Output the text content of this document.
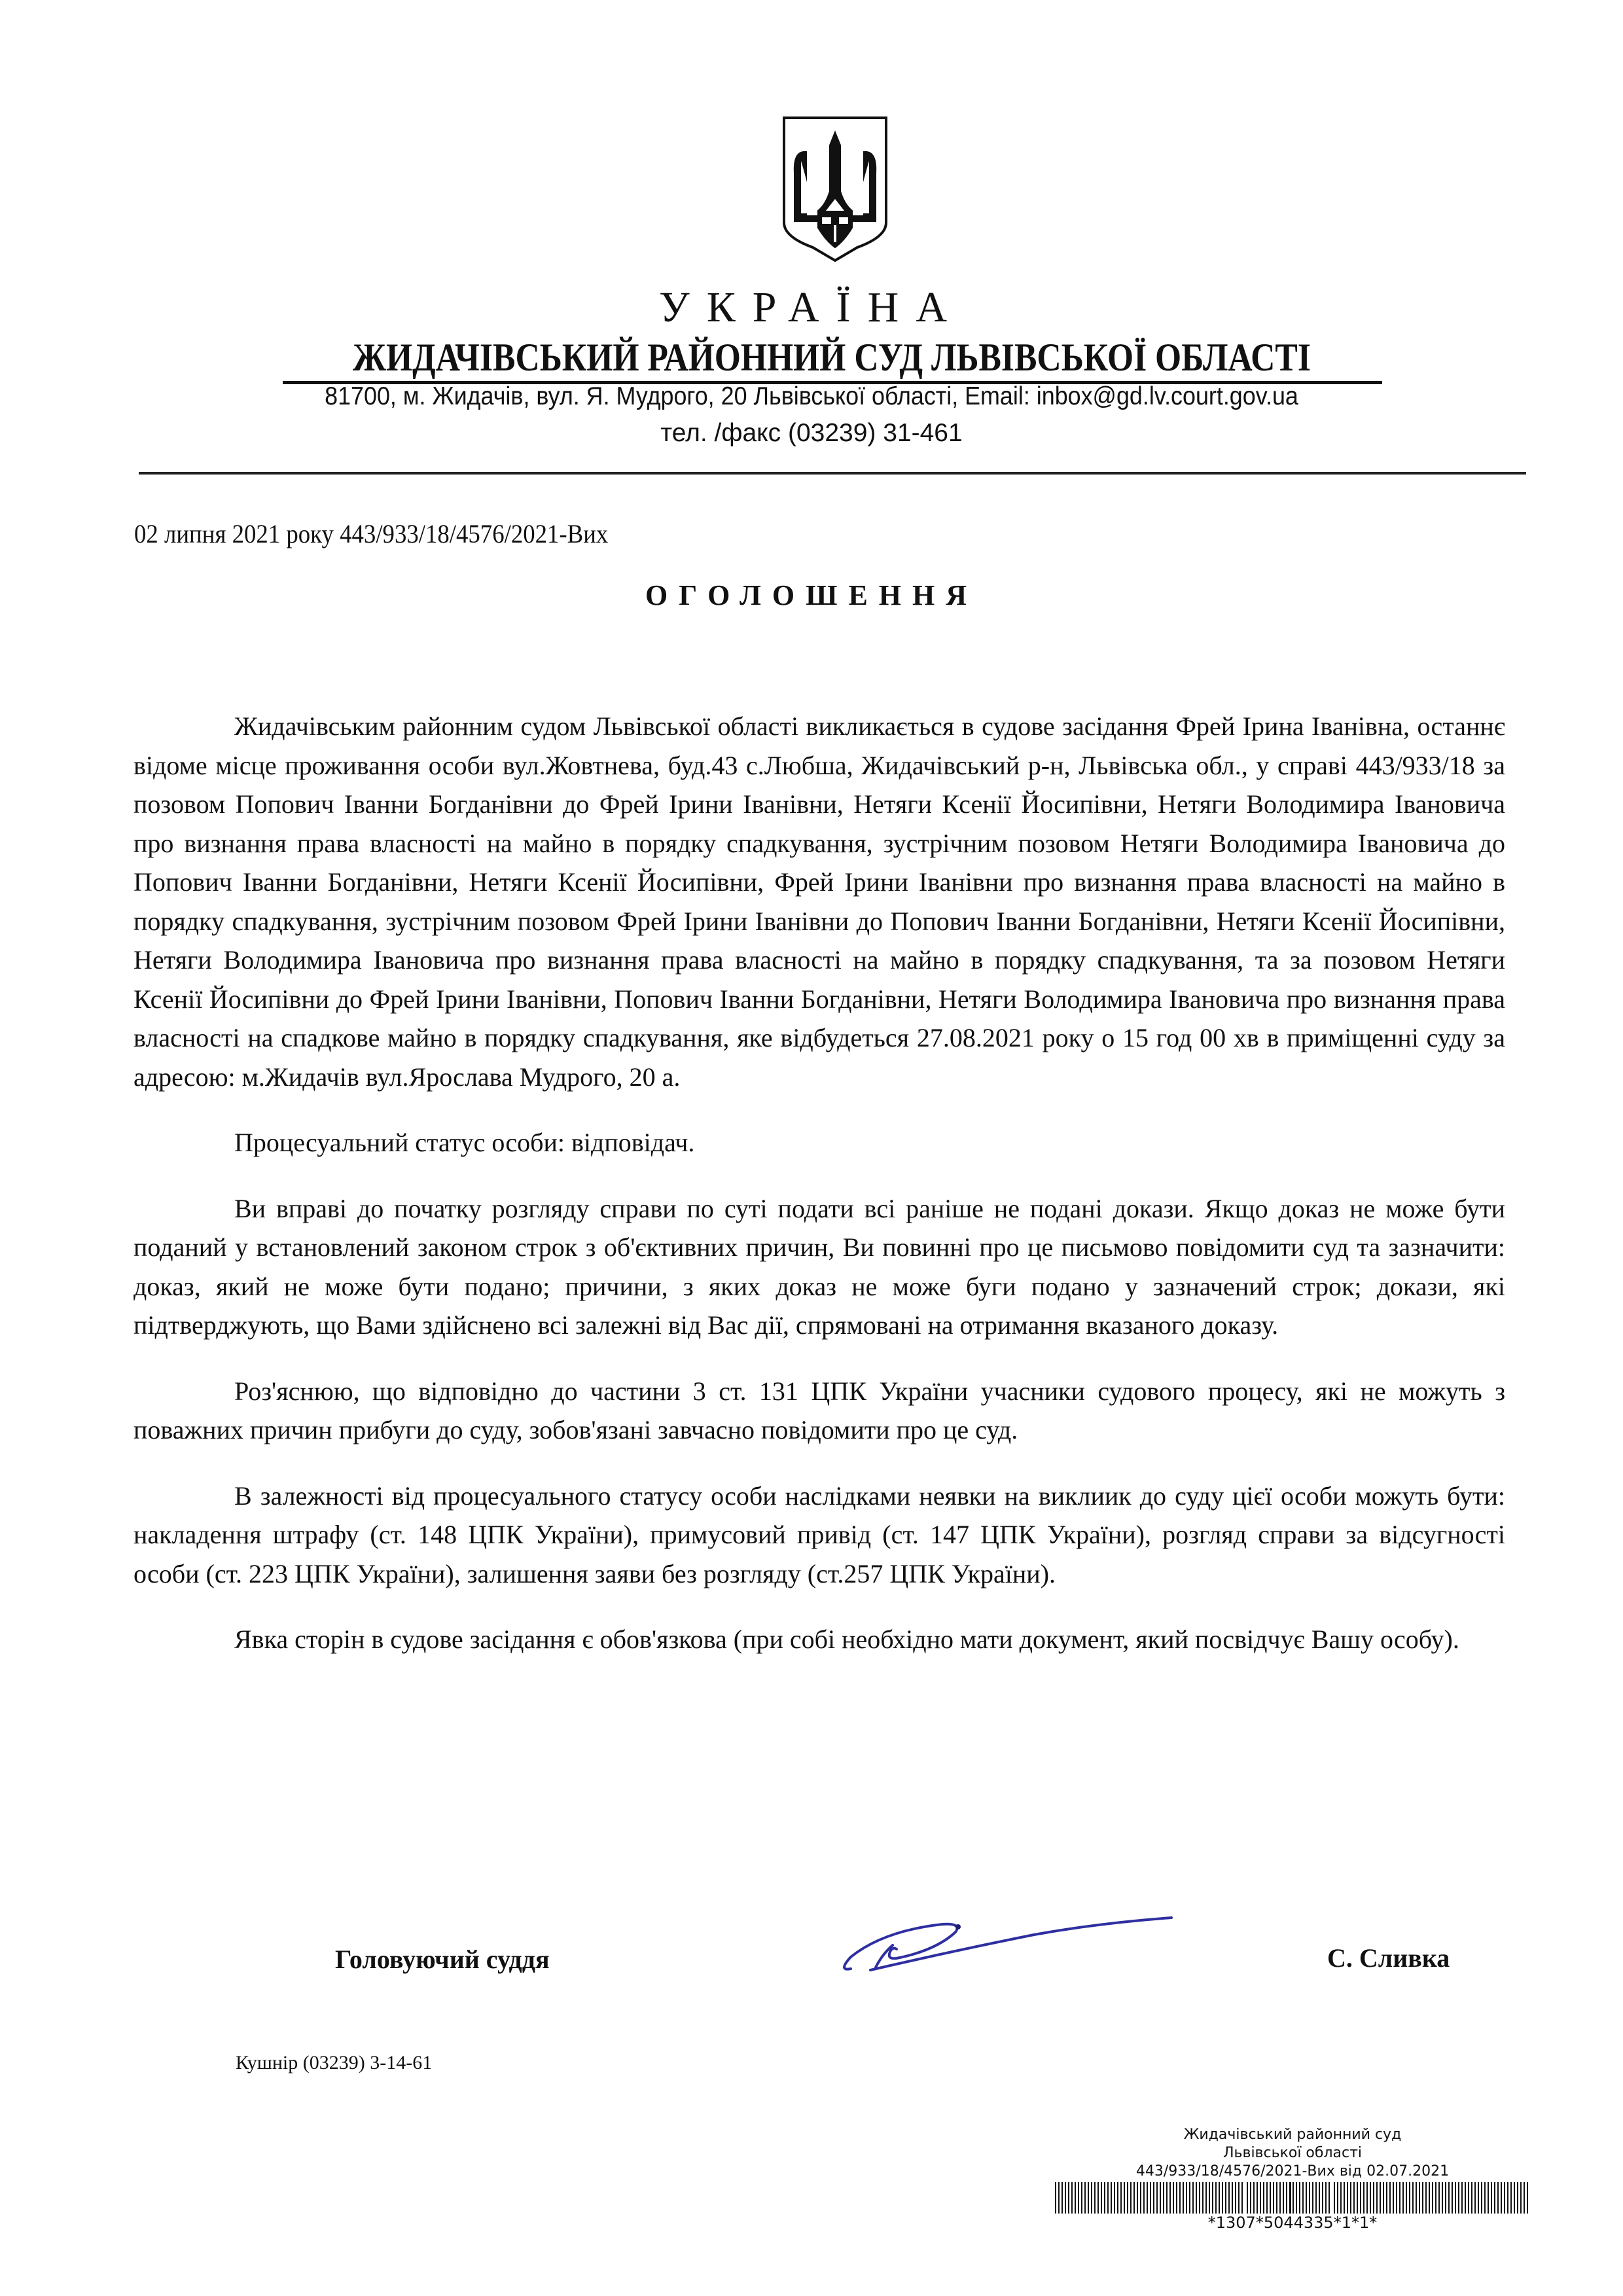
УКРАЇНА
ЖИДАЧІВСЬКИЙ РАЙОННИЙ СУД ЛЬВІВСЬКОЇ ОБЛАСТІ
81700, м. Жидачів, вул. Я. Мудрого, 20 Львівської області, Email: inbox@gd.lv.court.gov.ua
тел. /факс (03239) 31-461
02 липня 2021 року 443/933/18/4576/2021-Вих
ОГОЛОШЕННЯ

Жидачівським районним судом Львівської області викликається в судове засідання Фрей Ірина Іванівна, останнє відоме місце проживання особи вул.Жовтнева, буд.43 с.Любша, Жидачівський р-н, Львівська обл., у справі 443/933/18 за позовом Попович Іванни Богданівни до Фрей Ірини Іванівни, Нетяги Ксенії Йосипівни, Нетяги Володимира Івановича про визнання права власності на майно в порядку спадкування, зустрічним позовом Нетяги Володимира Івановича до Попович Іванни Богданівни, Нетяги Ксенії Йосипівни, Фрей Ірини Іванівни про визнання права власності на майно в порядку спадкування, зустрічним позовом Фрей Ірини Іванівни до Попович Іванни Богданівни, Нетяги Ксенії Йосипівни, Нетяги Володимира Івановича про визнання права власності на майно в порядку спадкування, та за позовом Нетяги Ксенії Йосипівни до Фрей Ірини Іванівни, Попович Іванни Богданівни, Нетяги Володимира Івановича про визнання права власності на спадкове майно в порядку спадкування, яке відбудеться 27.08.2021 року о 15 год 00 хв в приміщенні суду за адресою: м.Жидачів вул.Ярослава Мудрого, 20 а.

Процесуальний статус особи: відповідач.

Ви вправі до початку розгляду справи по суті подати всі раніше не подані докази. Якщо доказ не може бути поданий у встановлений законом строк з об'єктивних причин, Ви повинні про це письмово повідомити суд та зазначити: доказ, який не може бути подано; причини, з яких доказ не може буги подано у зазначений строк; докази, які підтверджують, що Вами здійснено всі залежні від Вас дії, спрямовані на отримання вказаного доказу.

Роз'яснюю, що відповідно до частини 3 ст. 131 ЦПК України учасники судового процесу, які не можуть з поважних причин прибуги до суду, зобов'язані завчасно повідомити про це суд.

В залежності від процесуального статусу особи наслідками неявки на виклиик до суду цієї особи можуть бути: накладення штрафу (ст. 148 ЦПК України), примусовий привід (ст. 147 ЦПК України), розгляд справи за відсугності особи (ст. 223 ЦПК України), залишення заяви без розгляду (ст.257 ЦПК України).

Явка сторін в судове засідання є обов'язкова (при собі необхідно мати документ, який посвідчує Вашу особу).

Головуючий суддя	С. Сливка
Кушнір (03239) 3-14-61
Жидачівський районний суд
Львівської області
443/933/18/4576/2021-Вих від 02.07.2021
*1307*5044335*1*1*
